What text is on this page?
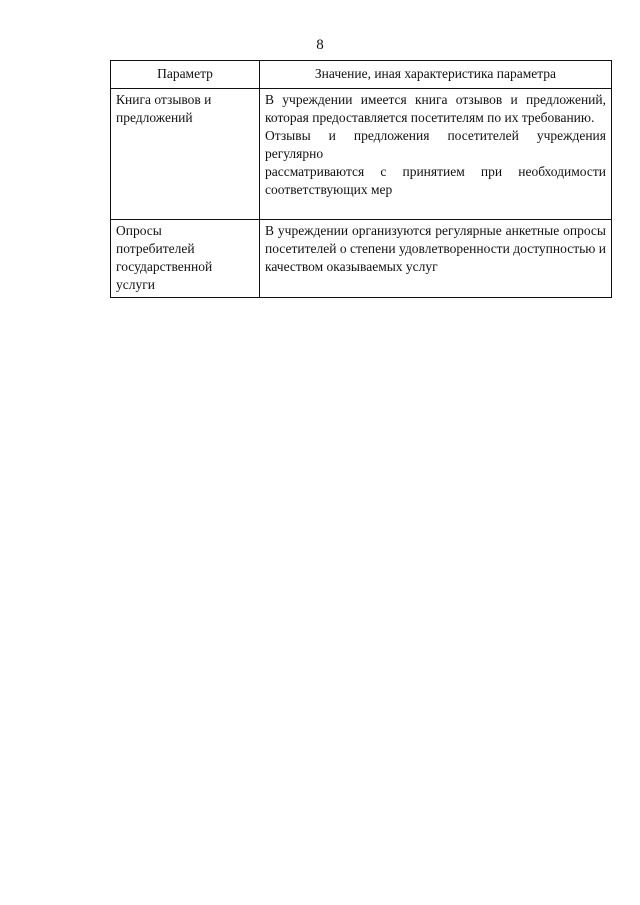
8
Параметр	Значение, иная характеристика параметра

Книга отзывов и
предложений	В учреждении имеется книга отзывов и предложений, которая предоставляется посетителям по их требованию.
Отзывы и предложения посетителей учреждения регулярно
рассматриваются с принятием при необходимости соответствующих мер

Опросы
потребителей
государственной
услуги	В учреждении организуются регулярные анкетные опросы посетителей о степени удовлетворенности доступностью и качеством оказываемых услуг
